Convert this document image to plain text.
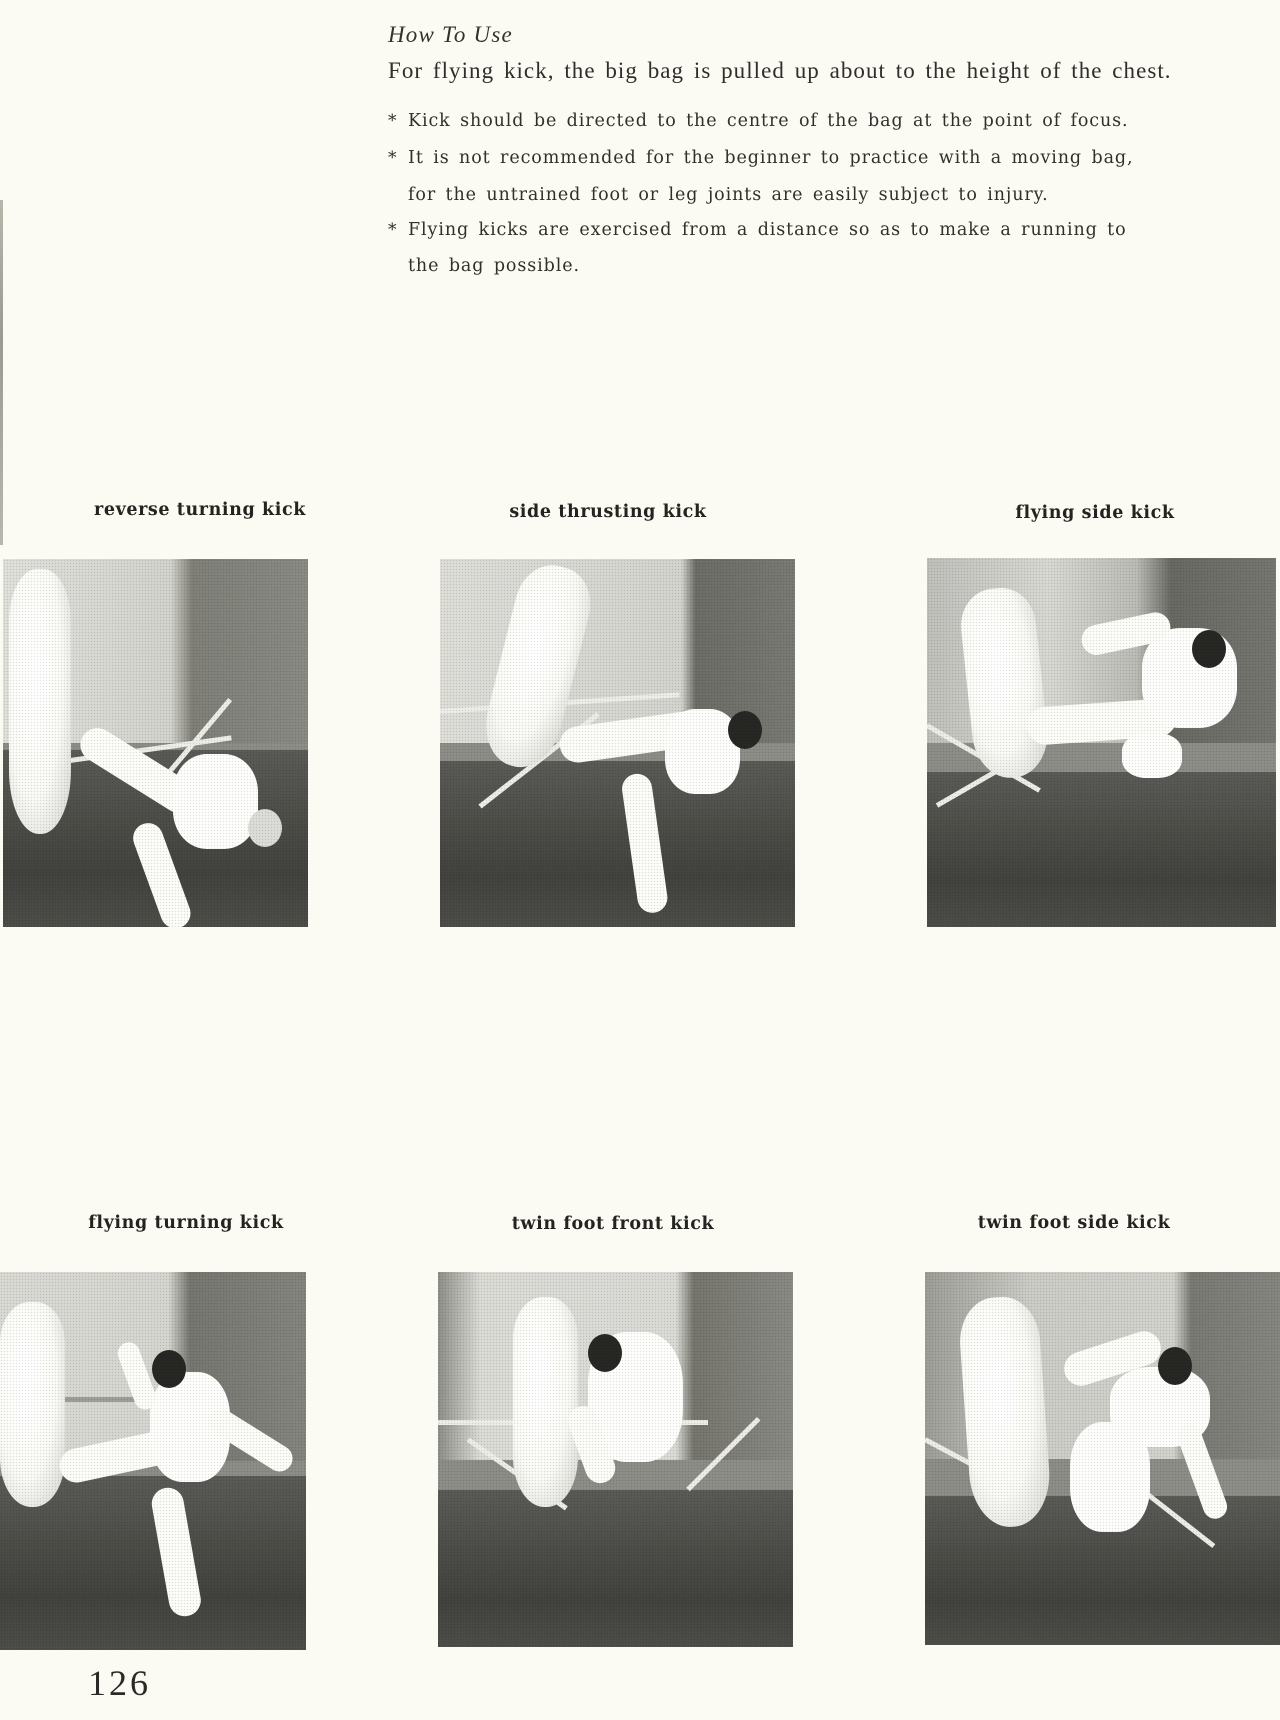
How To Use
For flying kick, the big bag is pulled up about to the height of the chest.
* Kick should be directed to the centre of the bag at the point of focus.
* It is not recommended for the beginner to practice with a moving bag,
for the untrained foot or leg joints are easily subject to injury.
* Flying kicks are exercised from a distance so as to make a running to
the bag possible.
reverse turning kick	side thrusting kick	flying side kick
flying turning kick	twin foot front kick	twin foot side kick
126
